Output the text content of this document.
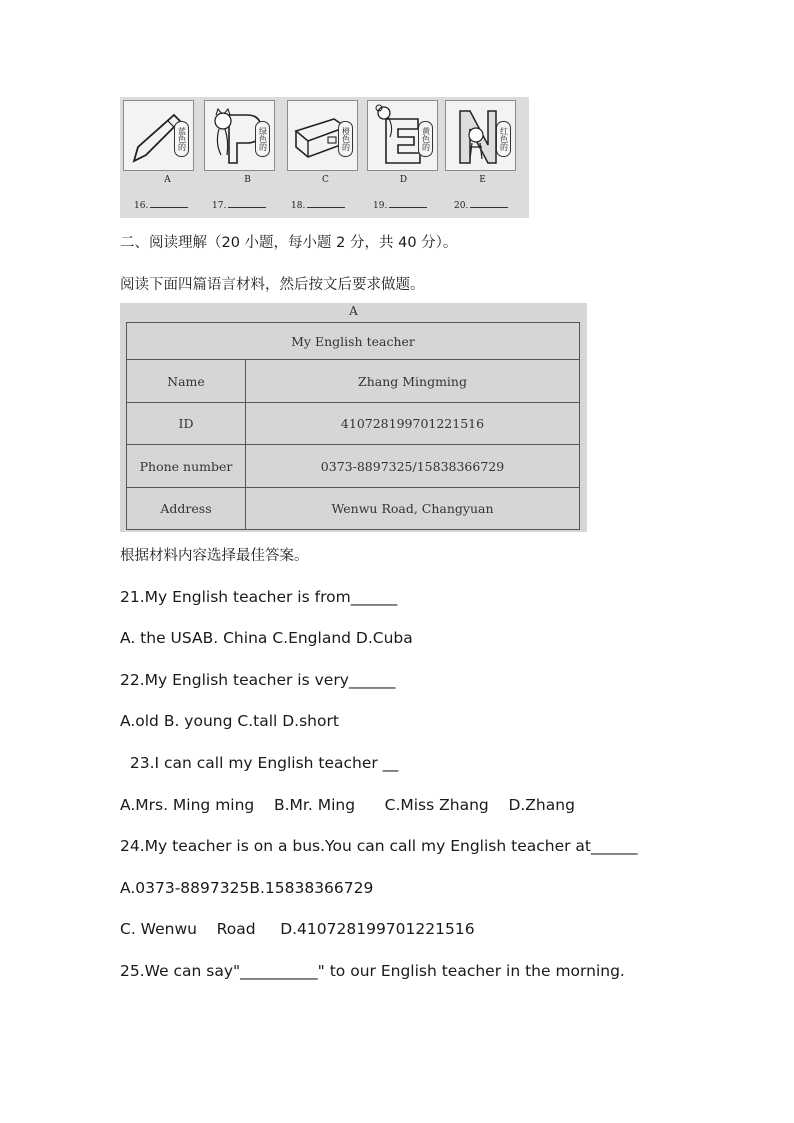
蓝色的	绿色的	橙色的	黄色的	红色的
A	B	C	D	E
16.	17.	18.	19.	20.
二、阅读理解（20 小题，每小题 2 分，共 40 分）。
阅读下面四篇语言材料，然后按文后要求做题。
A
My English teacher	
Name	Zhang Mingming
ID	410728199701221516
Phone number	0373-8897325/15838366729
Address	Wenwu Road, Changyuan
根据材料内容选择最佳答案。
21.My English teacher is from______
A. the USAB. China C.England D.Cuba
22.My English teacher is very______
A.old B. young C.tall D.short
23.I can call my English teacher __
A.Mrs. Ming ming    B.Mr. Ming      C.Miss Zhang    D.Zhang
24.My teacher is on a bus.You can call my English teacher at______
A.0373-8897325B.15838366729
C. Wenwu    Road     D.410728199701221516
25.We can say"__________" to our English teacher in the morning.
